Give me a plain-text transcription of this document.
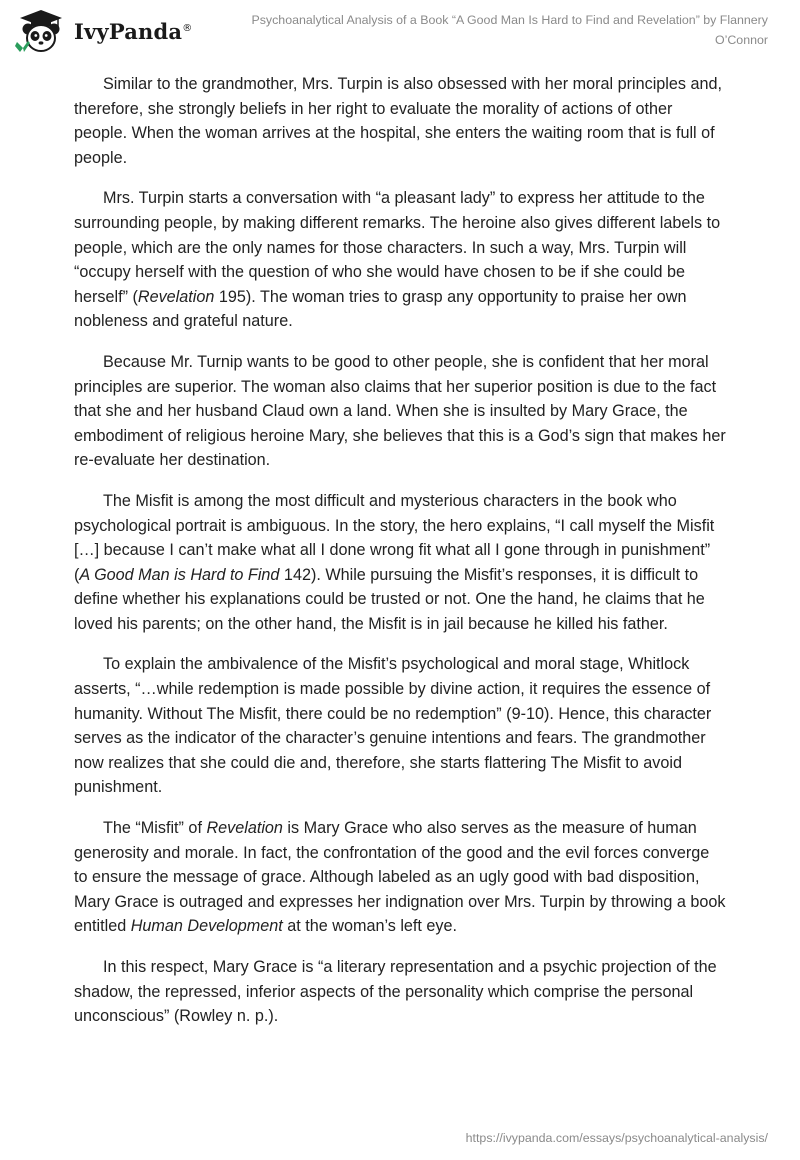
IvyPanda®
Psychoanalytical Analysis of a Book “A Good Man Is Hard to Find and Revelation” by Flannery O’Connor

Similar to the grandmother, Mrs. Turpin is also obsessed with her moral principles and, therefore, she strongly beliefs in her right to evaluate the morality of actions of other people. When the woman arrives at the hospital, she enters the waiting room that is full of people.

Mrs. Turpin starts a conversation with “a pleasant lady” to express her attitude to the surrounding people, by making different remarks. The heroine also gives different labels to people, which are the only names for those characters. In such a way, Mrs. Turpin will “occupy herself with the question of who she would have chosen to be if she could be herself” (Revelation 195). The woman tries to grasp any opportunity to praise her own nobleness and grateful nature.

Because Mr. Turnip wants to be good to other people, she is confident that her moral principles are superior. The woman also claims that her superior position is due to the fact that she and her husband Claud own a land. When she is insulted by Mary Grace, the embodiment of religious heroine Mary, she believes that this is a God’s sign that makes her re-evaluate her destination.

The Misfit is among the most difficult and mysterious characters in the book who psychological portrait is ambiguous. In the story, the hero explains, “I call myself the Misfit […] because I can’t make what all I done wrong fit what all I gone through in punishment” (A Good Man is Hard to Find 142). While pursuing the Misfit’s responses, it is difficult to define whether his explanations could be trusted or not. One the hand, he claims that he loved his parents; on the other hand, the Misfit is in jail because he killed his father.

To explain the ambivalence of the Misfit’s psychological and moral stage, Whitlock asserts, “…while redemption is made possible by divine action, it requires the essence of humanity. Without The Misfit, there could be no redemption” (9-10). Hence, this character serves as the indicator of the character’s genuine intentions and fears. The grandmother now realizes that she could die and, therefore, she starts flattering The Misfit to avoid punishment.

The “Misfit” of Revelation is Mary Grace who also serves as the measure of human generosity and morale. In fact, the confrontation of the good and the evil forces converge to ensure the message of grace. Although labeled as an ugly good with bad disposition, Mary Grace is outraged and expresses her indignation over Mrs. Turpin by throwing a book entitled Human Development at the woman’s left eye.

In this respect, Mary Grace is “a literary representation and a psychic projection of the shadow, the repressed, inferior aspects of the personality which comprise the personal unconscious” (Rowley n. p.).

https://ivypanda.com/essays/psychoanalytical-analysis/
